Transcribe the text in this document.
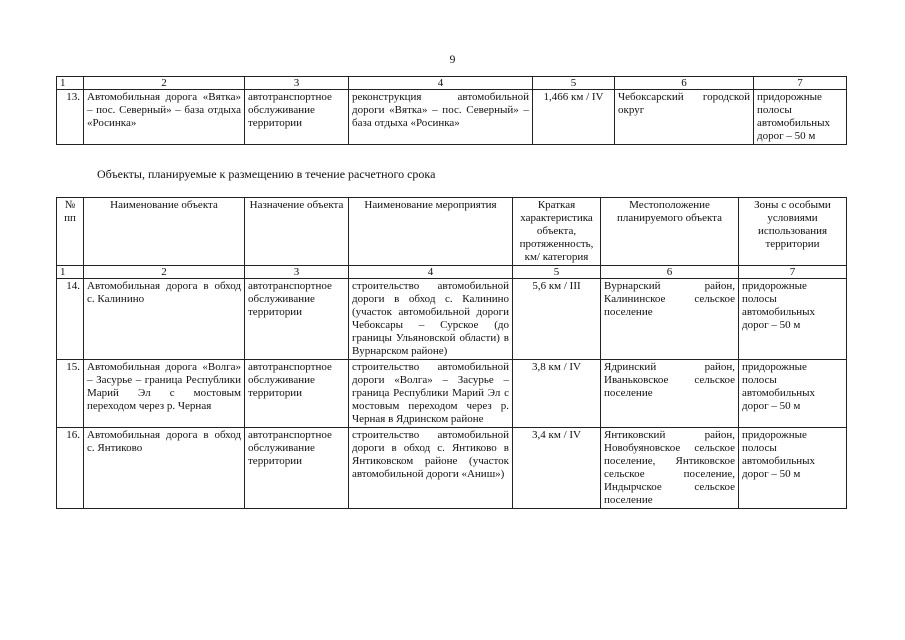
9
1	2	3	4	5	6	7
13.	Автомобильная дорога «Вятка» – пос. Северный» – база отдыха «Росинка»	автотранспортное обслуживание территории	реконструкция автомобильной дороги «Вятка» – пос. Северный» – база отдыха «Росинка»	1,466 км / IV	Чебоксарский городской округ	придорожные полосы автомобильных дорог – 50 м
Объекты, планируемые к размещению в течение расчетного срока
№ пп	Наименование объекта	Назначение объекта	Наименование мероприятия	Краткая характеристика объекта, протяженность, км/ категория	Местоположение планируемого объекта	Зоны с особыми условиями использования территории
1	2	3	4	5	6	7
14.	Автомобильная дорога в обход с. Калинино	автотранспортное обслуживание территории	строительство автомобильной дороги в обход с. Калинино (участок автомобильной дороги Чебоксары – Сурское (до границы Ульяновской области) в Вурнарском районе)	5,6 км / III	Вурнарский район, Калининское сельское поселение	придорожные полосы автомобильных дорог – 50 м
15.	Автомобильная дорога «Волга» – Засурье – граница Республики Марий Эл с мостовым переходом через р. Черная	автотранспортное обслуживание территории	строительство автомобильной дороги «Волга» – Засурье – граница Республики Марий Эл с мостовым переходом через р. Черная в Ядринском районе	3,8 км / IV	Ядринский район, Иваньковское сельское поселение	придорожные полосы автомобильных дорог – 50 м
16.	Автомобильная дорога в обход с. Янтиково	автотранспортное обслуживание территории	строительство автомобильной дороги в обход с. Янтиково в Янтиковском районе (участок автомобильной дороги «Аниш»)	3,4 км / IV	Янтиковский район, Новобуяновское сельское поселение, Янтиковское сельское поселение, Индырчское сельское поселение	придорожные полосы автомобильных дорог – 50 м
